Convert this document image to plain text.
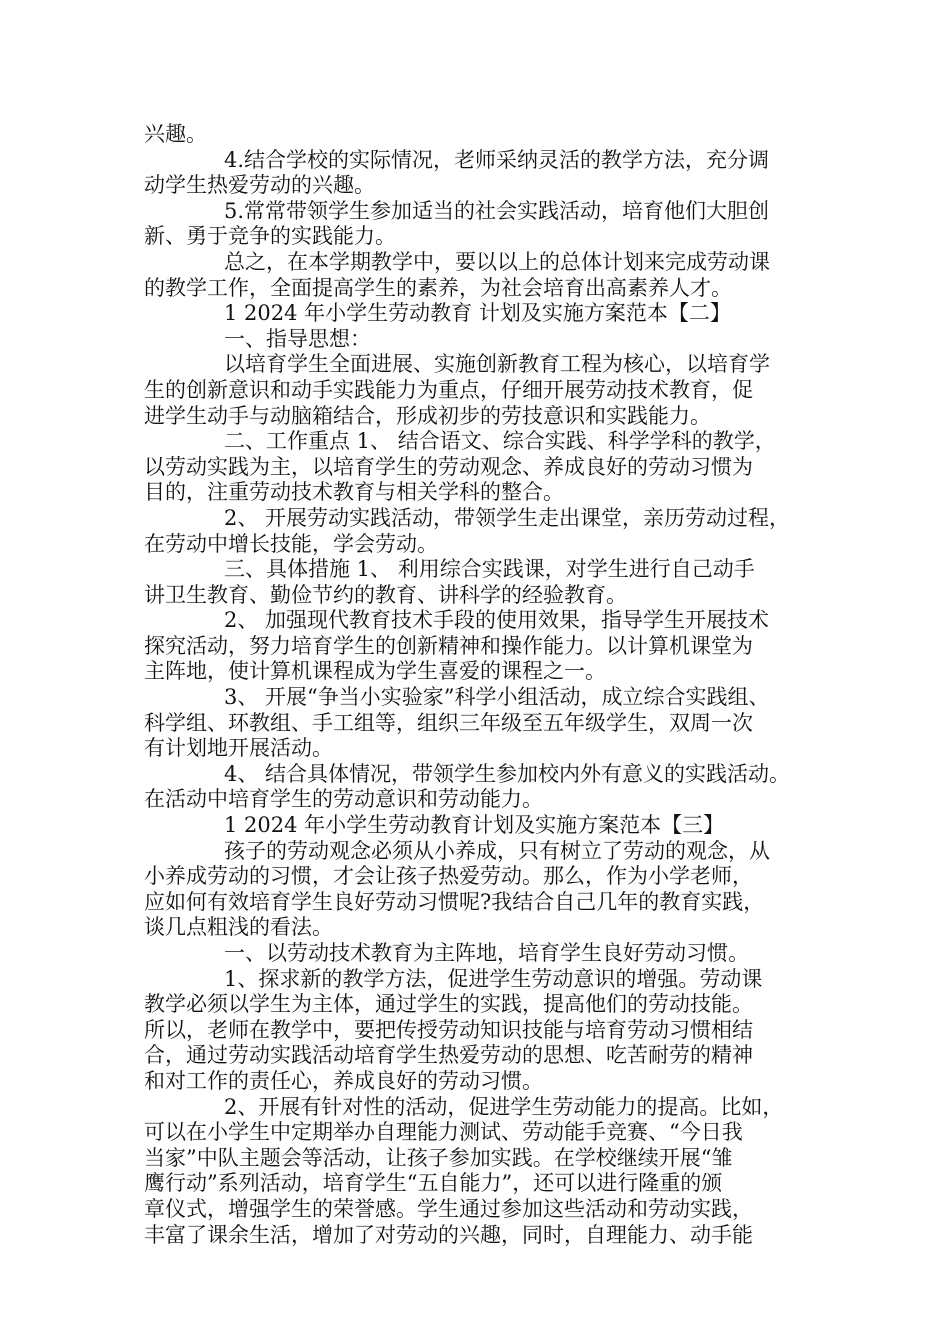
兴趣。
4.结合学校的实际情况，老师采纳灵活的教学方法，充分调
动学生热爱劳动的兴趣。
5.常常带领学生参加适当的社会实践活动，培育他们大胆创
新、勇于竞争的实践能力。
总之，在本学期教学中，要以以上的总体计划来完成劳动课
的教学工作，全面提高学生的素养，为社会培育出高素养人才。
1 2024 年小学生劳动教育 计划及实施方案范本【二】
一、指导思想：
以培育学生全面进展、实施创新教育工程为核心，以培育学
生的创新意识和动手实践能力为重点，仔细开展劳动技术教育，促
进学生动手与动脑箱结合，形成初步的劳技意识和实践能力。
二、工作重点 1、 结合语文、综合实践、科学学科的教学，
以劳动实践为主，以培育学生的劳动观念、养成良好的劳动习惯为
目的，注重劳动技术教育与相关学科的整合。
2、 开展劳动实践活动，带领学生走出课堂，亲历劳动过程，
在劳动中增长技能，学会劳动。
三、具体措施 1、 利用综合实践课，对学生进行自己动手
讲卫生教育、勤俭节约的教育、讲科学的经验教育。
2、 加强现代教育技术手段的使用效果，指导学生开展技术
探究活动，努力培育学生的创新精神和操作能力。以计算机课堂为
主阵地，使计算机课程成为学生喜爱的课程之一。
3、 开展“争当小实验家”科学小组活动，成立综合实践组、
科学组、环教组、手工组等，组织三年级至五年级学生，双周一次
有计划地开展活动。
4、 结合具体情况，带领学生参加校内外有意义的实践活动。
在活动中培育学生的劳动意识和劳动能力。
1 2024 年小学生劳动教育计划及实施方案范本【三】
孩子的劳动观念必须从小养成，只有树立了劳动的观念，从
小养成劳动的习惯，才会让孩子热爱劳动。那么，作为小学老师，
应如何有效培育学生良好劳动习惯呢?我结合自己几年的教育实践，
谈几点粗浅的看法。
一、以劳动技术教育为主阵地，培育学生良好劳动习惯。
1、探求新的教学方法，促进学生劳动意识的增强。劳动课
教学必须以学生为主体，通过学生的实践，提高他们的劳动技能。
所以，老师在教学中，要把传授劳动知识技能与培育劳动习惯相结
合，通过劳动实践活动培育学生热爱劳动的思想、吃苦耐劳的精神
和对工作的责任心，养成良好的劳动习惯。
2、开展有针对性的活动，促进学生劳动能力的提高。比如，
可以在小学生中定期举办自理能力测试、劳动能手竞赛、“今日我
当家”中队主题会等活动，让孩子参加实践。在学校继续开展“雏
鹰行动”系列活动，培育学生“五自能力”，还可以进行隆重的颁
章仪式，增强学生的荣誉感。学生通过参加这些活动和劳动实践，
丰富了课余生活，增加了对劳动的兴趣，同时，自理能力、动手能
